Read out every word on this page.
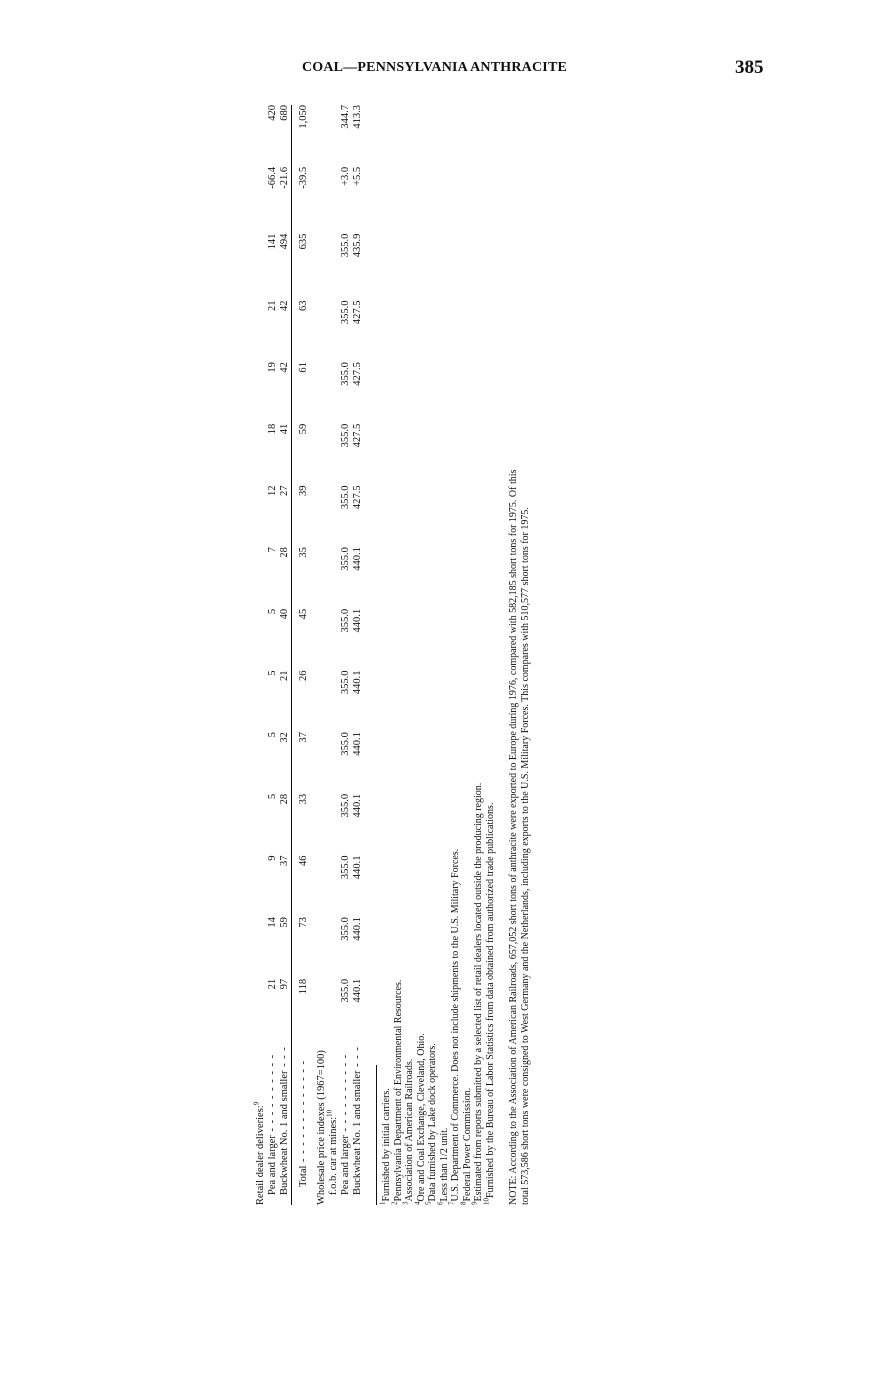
COAL—PENNSYLVANIA ANTHRACITE	385
Retail dealer deliveries:$^9$															
Pea and larger - - - - - - - - - -	21	14	9	5	5	5	5	7	12	18	19	21	141	-66.4	420
Buckwheat No. 1 and smaller - - -	97	59	37	28	32	21	40	28	27	41	42	42	494	-21.6	680

Total - - - - - - - - - - - - -	118	73	46	33	37	26	45	35	39	59	61	63	635	-39.5	1,050

Wholesale price indexes (1967=100)															
f.o.b. car at mines:$^{10}$															
Pea and larger - - - - - - - - - -	355.0	355.0	355.0	355.0	355.0	355.0	355.0	355.0	355.0	355.0	355.0	355.0	355.0	+3.0	344.7
Buckwheat No. 1 and smaller - - -	440.1	440.1	440.1	440.1	440.1	440.1	440.1	440.1	427.5	427.5	427.5	427.5	435.9	+5.5	413.3
$^1$Furnished by initial carriers.
$^2$Pennsylvania Department of Environmental Resources.
$^3$Association of American Railroads.
$^4$Ore and Coal Exchange, Cleveland, Ohio.
$^5$Data furnished by Lake dock operators.
$^6$Less than 1/2 unit.
$^7$U.S. Department of Commerce. Does not include shipments to the U.S. Military Forces.
$^8$Federal Power Commission.
$^9$Estimated from reports submitted by a selected list of retail dealers located outside the producing region.
$^{10}$Furnished by the Bureau of Labor Statistics from data obtained from authorized trade publications. NOTE: According to the Association of American Railroads, 657,052 short tons of anthracite were exported to Europe during 1976, compared with 582,185 short tons for 1975. Of this total 573,586 short tons were consigned to West Germany and the Netherlands, including exports to the U.S. Military Forces. This compares with 510,577 short tons for 1975.
